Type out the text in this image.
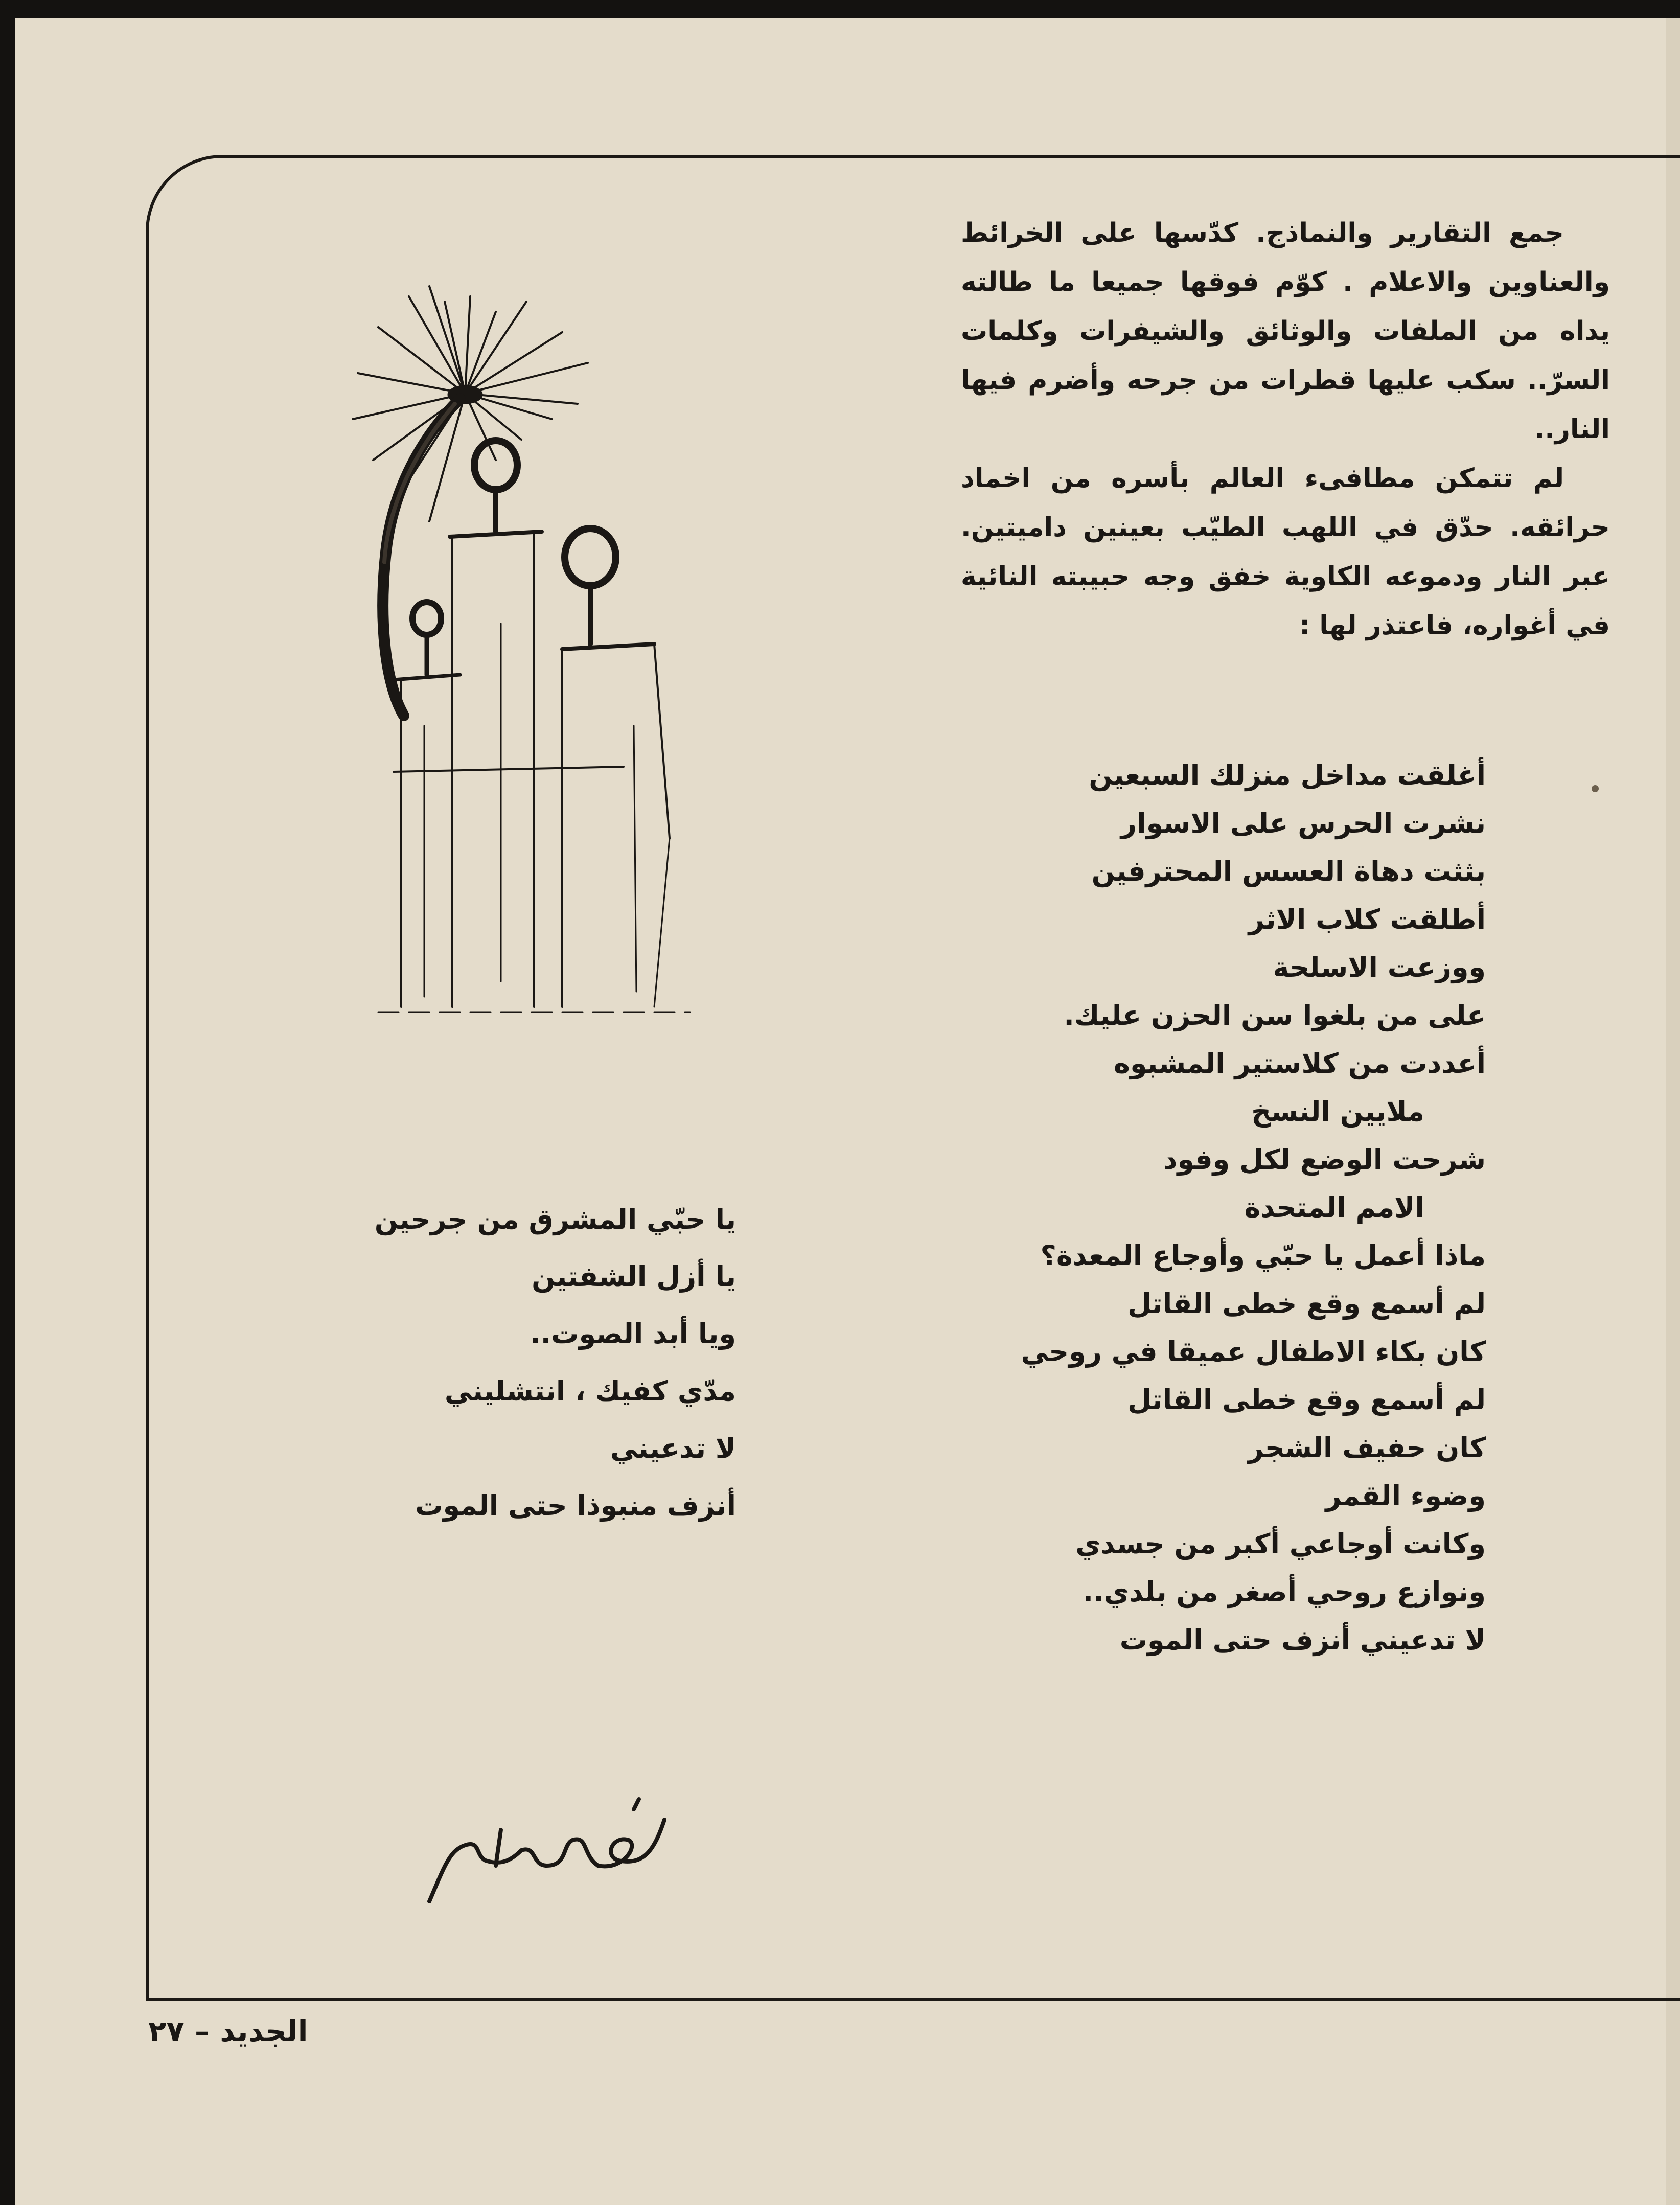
جمع التقارير والنماذج. كدّسها على الخرائط والعناوين والاعلام . كوّم فوقها جميعا ما طالته يداه من الملفات والوثائق والشيفرات وكلمات السرّ.. سكب عليها قطرات من جرحه وأضرم فيها النار..

لم تتمكن مطافىء العالم بأسره من اخماد حرائقه. حدّق في اللهب الطيّب بعينين داميتين. عبر النار ودموعه الكاوية خفق وجه حبيبته النائية في أغواره، فاعتذر لها :

أغلقت مداخل منزلك السبعين
نشرت الحرس على الاسوار
بثثت دهاة العسس المحترفين
أطلقت كلاب الاثر
ووزعت الاسلحة
على من بلغوا سن الحزن عليك.
أعددت من كلاستير المشبوه
ملايين النسخ
شرحت الوضع لكل وفود
الامم المتحدة
ماذا أعمل يا حبّي وأوجاع المعدة؟
لم أسمع وقع خطى القاتل
كان بكاء الاطفال عميقا في روحي
لم أسمع وقع خطى القاتل
كان حفيف الشجر
وضوء القمر
وكانت أوجاعي أكبر من جسدي
ونوازع روحي أصغر من بلدي..
لا تدعيني أنزف حتى الموت
يا حبّي المشرق من جرحين
يا أزل الشفتين
ويا أبد الصوت..
مدّي كفيك ، انتشليني
لا تدعيني
أنزف منبوذا حتى الموت
الجديد – ٢٧
